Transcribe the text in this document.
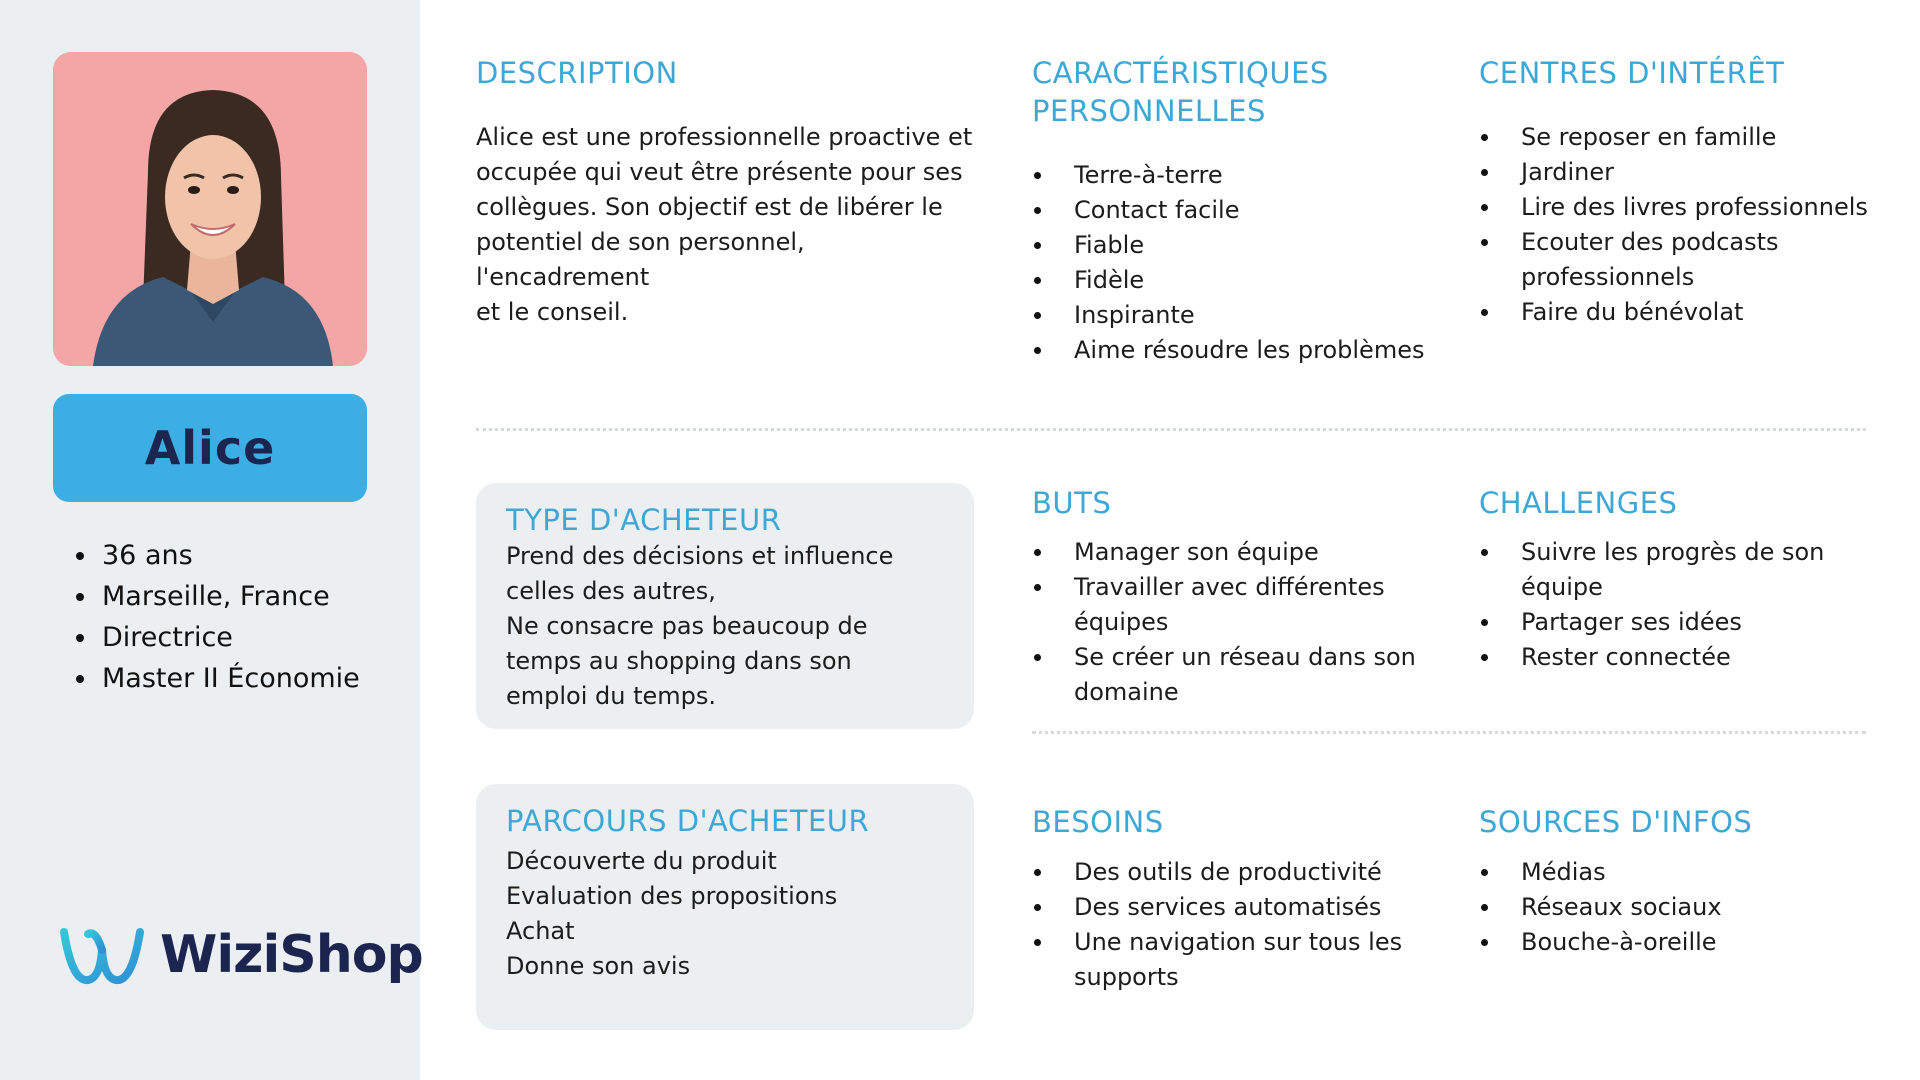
Alice
36 ans
Marseille, France
Directrice
Master II Économie
WiziShop
DESCRIPTION
Alice est une professionnelle proactive et
occupée qui veut être présente pour ses
collègues. Son objectif est de libérer le
potentiel de son personnel, l'encadrement
et le conseil.
CARACTÉRISTIQUES
PERSONNELLES
Terre-à-terre
Contact facile
Fiable
Fidèle
Inspirante
Aime résoudre les problèmes
CENTRES D'INTÉRÊT
Se reposer en famille
Jardiner
Lire des livres professionnels
Ecouter des podcasts
professionnels
Faire du bénévolat
TYPE D'ACHETEUR
Prend des décisions et influence
celles des autres,
Ne consacre pas beaucoup de
temps au shopping dans son
emploi du temps.
BUTS
Manager son équipe
Travailler avec différentes
équipes
Se créer un réseau dans son
domaine
CHALLENGES
Suivre les progrès de son
équipe
Partager ses idées
Rester connectée
PARCOURS D'ACHETEUR
Découverte du produit
Evaluation des propositions
Achat
Donne son avis
BESOINS
Des outils de productivité
Des services automatisés
Une navigation sur tous les
supports
SOURCES D'INFOS
Médias
Réseaux sociaux
Bouche-à-oreille
